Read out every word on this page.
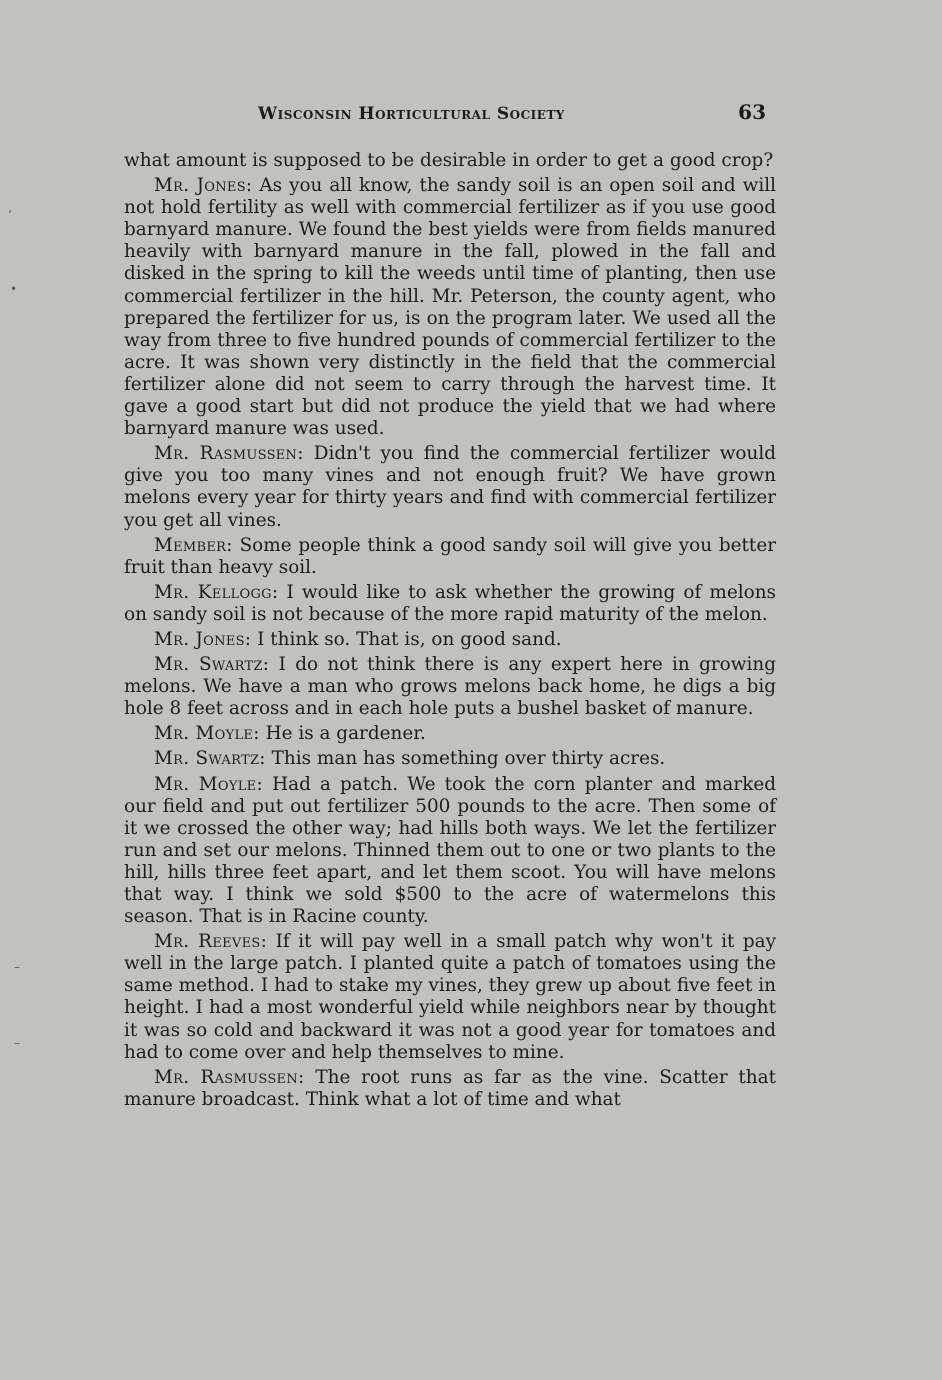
Wisconsin Horticultural Society	63

what amount is supposed to be desirable in order to get a good crop?

Mr. Jones: As you all know, the sandy soil is an open soil and will not hold fertility as well with commercial fertilizer as if you use good barnyard manure. We found the best yields were from fields manured heavily with barnyard manure in the fall, plowed in the fall and disked in the spring to kill the weeds until time of planting, then use commercial fertilizer in the hill. Mr. Peterson, the county agent, who prepared the fertilizer for us, is on the program later. We used all the way from three to five hundred pounds of commercial fertilizer to the acre. It was shown very distinctly in the field that the commercial fertilizer alone did not seem to carry through the harvest time. It gave a good start but did not produce the yield that we had where barnyard manure was used.

Mr. Rasmussen: Didn't you find the commercial fertilizer would give you too many vines and not enough fruit? We have grown melons every year for thirty years and find with commercial fertilizer you get all vines.

Member: Some people think a good sandy soil will give you better fruit than heavy soil.

Mr. Kellogg: I would like to ask whether the growing of melons on sandy soil is not because of the more rapid maturity of the melon.

Mr. Jones: I think so. That is, on good sand.

Mr. Swartz: I do not think there is any expert here in growing melons. We have a man who grows melons back home, he digs a big hole 8 feet across and in each hole puts a bushel basket of manure.

Mr. Moyle: He is a gardener.

Mr. Swartz: This man has something over thirty acres.

Mr. Moyle: Had a patch. We took the corn planter and marked our field and put out fertilizer 500 pounds to the acre. Then some of it we crossed the other way; had hills both ways. We let the fertilizer run and set our melons. Thinned them out to one or two plants to the hill, hills three feet apart, and let them scoot. You will have melons that way. I think we sold $500 to the acre of watermelons this season. That is in Racine county.

Mr. Reeves: If it will pay well in a small patch why won't it pay well in the large patch. I planted quite a patch of tomatoes using the same method. I had to stake my vines, they grew up about five feet in height. I had a most wonderful yield while neighbors near by thought it was so cold and backward it was not a good year for tomatoes and had to come over and help themselves to mine.

Mr. Rasmussen: The root runs as far as the vine. Scatter that manure broadcast. Think what a lot of time and what

‘
•
–
–
